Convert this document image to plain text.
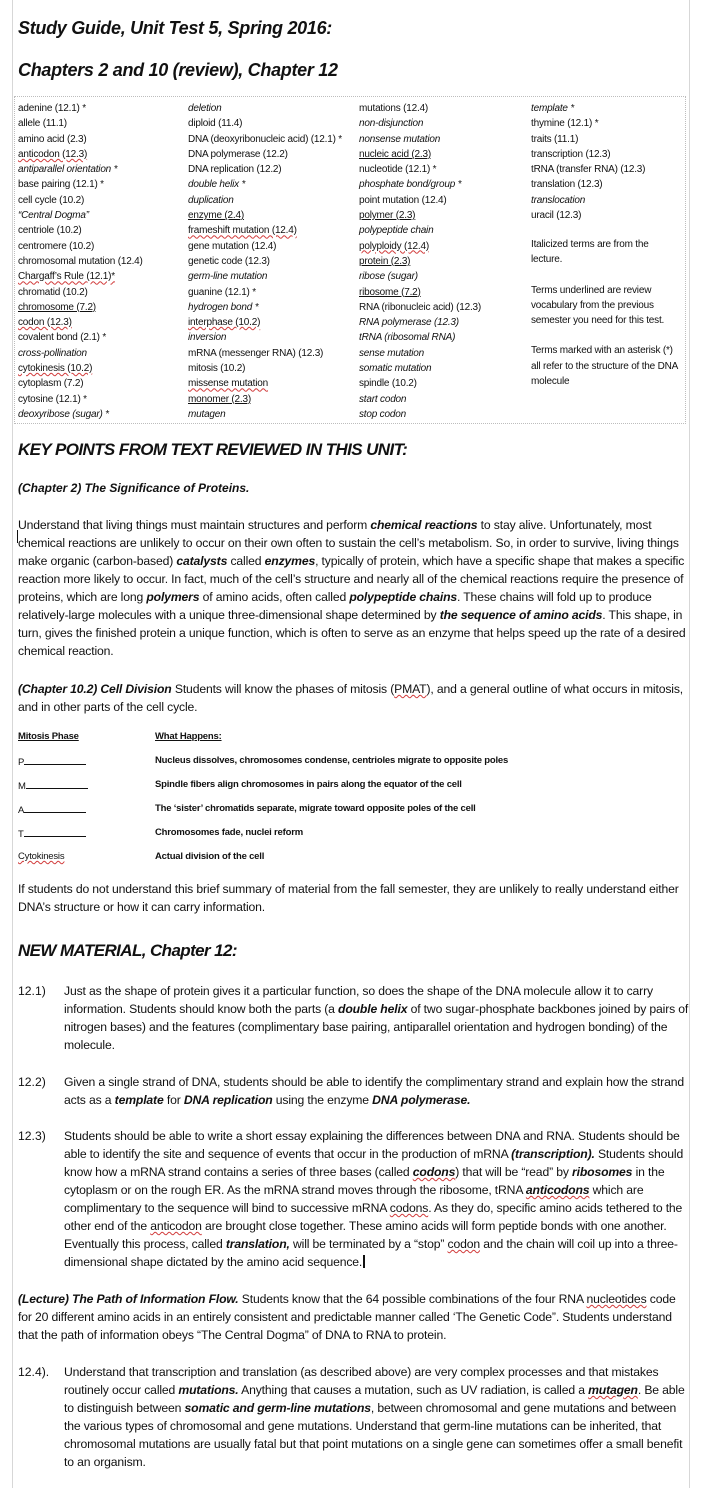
Study Guide, Unit Test 5, Spring 2016:
Chapters 2 and 10 (review), Chapter 12
adenine (12.1) *
allele (11.1)
amino acid (2.3)
anticodon (12.3)
antiparallel orientation *
base pairing (12.1) *
cell cycle (10.2)
“Central Dogma”
centriole (10.2)
centromere (10.2)
chromosomal mutation (12.4)
Chargaff’s Rule (12.1)*
chromatid (10.2)
chromosome (7.2)
codon (12.3)
covalent bond (2.1) *
cross-pollination
cytokinesis (10.2)
cytoplasm (7.2)
cytosine (12.1) *
deoxyribose (sugar) *
deletion
diploid (11.4)
DNA (deoxyribonucleic acid) (12.1) *
DNA polymerase (12.2)
DNA replication (12.2)
double helix *
duplication
enzyme (2.4)
frameshift mutation (12.4)
gene mutation (12.4)
genetic code (12.3)
germ-line mutation
guanine (12.1) *
hydrogen bond *
interphase (10.2)
inversion
mRNA (messenger RNA) (12.3)
mitosis (10.2)
missense mutation
monomer (2.3)
mutagen
mutations (12.4)
non-disjunction
nonsense mutation
nucleic acid (2.3)
nucleotide (12.1) *
phosphate bond/group *
point mutation (12.4)
polymer (2.3)
polypeptide chain
polyploidy (12.4)
protein (2.3)
ribose (sugar)
ribosome (7.2)
RNA (ribonucleic acid) (12.3)
RNA polymerase (12.3)
tRNA (ribosomal RNA)
sense mutation
somatic mutation
spindle (10.2)
start codon
stop codon
template *
thymine (12.1) *
traits (11.1)
transcription (12.3)
tRNA (transfer RNA) (12.3)
translation (12.3)
translocation
uracil (12.3)

Italicized terms are from the lecture.

Terms underlined are review vocabulary from the previous semester you need for this test.

Terms marked with an asterisk (*) all refer to the structure of the DNA molecule

KEY POINTS FROM TEXT REVIEWED IN THIS UNIT:
(Chapter 2) The Significance of Proteins.

Understand that living things must maintain structures and perform chemical reactions to stay alive. Unfortunately, most chemical reactions are unlikely to occur on their own often to sustain the cell’s metabolism. So, in order to survive, living things make organic (carbon-based) catalysts called enzymes, typically of protein, which have a specific shape that makes a specific reaction more likely to occur. In fact, much of the cell’s structure and nearly all of the chemical reactions require the presence of proteins, which are long polymers of amino acids, often called polypeptide chains. These chains will fold up to produce relatively-large molecules with a unique three-dimensional shape determined by the sequence of amino acids. This shape, in turn, gives the finished protein a unique function, which is often to serve as an enzyme that helps speed up the rate of a desired chemical reaction.

(Chapter 10.2) Cell Division Students will know the phases of mitosis (PMAT), and a general outline of what occurs in mitosis, and in other parts of the cell cycle.

Mitosis Phase	What Happens:
P	Nucleus dissolves, chromosomes condense, centrioles migrate to opposite poles
M	Spindle fibers align chromosomes in pairs along the equator of the cell
A	The ‘sister’ chromatids separate, migrate toward opposite poles of the cell
T	Chromosomes fade, nuclei reform
Cytokinesis	Actual division of the cell

If students do not understand this brief summary of material from the fall semester, they are unlikely to really understand either DNA’s structure or how it can carry information.

NEW MATERIAL, Chapter 12:
12.1) Just as the shape of protein gives it a particular function, so does the shape of the DNA molecule allow it to carry information. Students should know both the parts (a double helix of two sugar-phosphate backbones joined by pairs of nitrogen bases) and the features (complimentary base pairing, antiparallel orientation and hydrogen bonding) of the molecule.

12.2) Given a single strand of DNA, students should be able to identify the complimentary strand and explain how the strand acts as a template for DNA replication using the enzyme DNA polymerase.

12.3) Students should be able to write a short essay explaining the differences between DNA and RNA. Students should be able to identify the site and sequence of events that occur in the production of mRNA (transcription). Students should know how a mRNA strand contains a series of three bases (called codons) that will be “read” by ribosomes in the cytoplasm or on the rough ER. As the mRNA strand moves through the ribosome, tRNA anticodons which are complimentary to the sequence will bind to successive mRNA codons. As they do, specific amino acids tethered to the other end of the anticodon are brought close together. These amino acids will form peptide bonds with one another. Eventually this process, called translation, will be terminated by a “stop” codon and the chain will coil up into a three-dimensional shape dictated by the amino acid sequence.

(Lecture) The Path of Information Flow. Students know that the 64 possible combinations of the four RNA nucleotides code for 20 different amino acids in an entirely consistent and predictable manner called ‘The Genetic Code”. Students understand that the path of information obeys “The Central Dogma” of DNA to RNA to protein.

12.4). Understand that transcription and translation (as described above) are very complex processes and that mistakes routinely occur called mutations. Anything that causes a mutation, such as UV radiation, is called a mutagen. Be able to distinguish between somatic and germ-line mutations, between chromosomal and gene mutations and between the various types of chromosomal and gene mutations. Understand that germ-line mutations can be inherited, that chromosomal mutations are usually fatal but that point mutations on a single gene can sometimes offer a small benefit to an organism.
